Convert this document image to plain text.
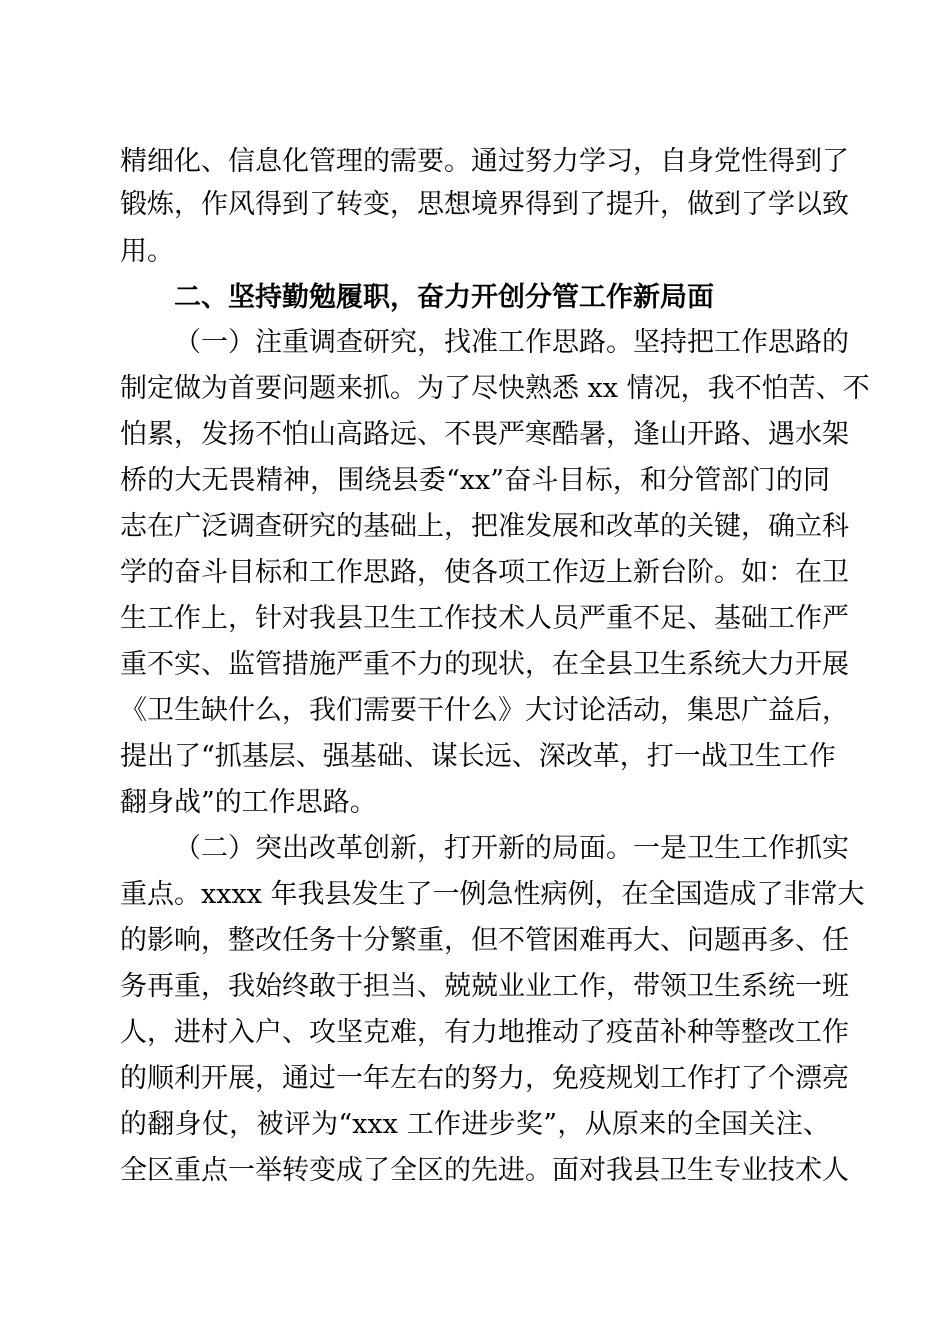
精细化、信息化管理的需要。通过努力学习，自身党性得到了
锻炼，作风得到了转变，思想境界得到了提升，做到了学以致
用。
二、坚持勤勉履职，奋力开创分管工作新局面
（一）注重调查研究，找准工作思路。坚持把工作思路的
制定做为首要问题来抓。为了尽快熟悉 xx 情况，我不怕苦、不
怕累，发扬不怕山高路远、不畏严寒酷暑，逢山开路、遇水架
桥的大无畏精神，围绕县委“xx”奋斗目标，和分管部门的同
志在广泛调查研究的基础上，把准发展和改革的关键，确立科
学的奋斗目标和工作思路，使各项工作迈上新台阶。如：在卫
生工作上，针对我县卫生工作技术人员严重不足、基础工作严
重不实、监管措施严重不力的现状，在全县卫生系统大力开展
《卫生缺什么，我们需要干什么》大讨论活动，集思广益后，
提出了“抓基层、强基础、谋长远、深改革，打一战卫生工作
翻身战”的工作思路。
（二）突出改革创新，打开新的局面。一是卫生工作抓实
重点。xxxx 年我县发生了一例急性病例，在全国造成了非常大
的影响，整改任务十分繁重，但不管困难再大、问题再多、任
务再重，我始终敢于担当、兢兢业业工作，带领卫生系统一班
人，进村入户、攻坚克难，有力地推动了疫苗补种等整改工作
的顺利开展，通过一年左右的努力，免疫规划工作打了个漂亮
的翻身仗，被评为“xxx 工作进步奖”，从原来的全国关注、
全区重点一举转变成了全区的先进。面对我县卫生专业技术人
